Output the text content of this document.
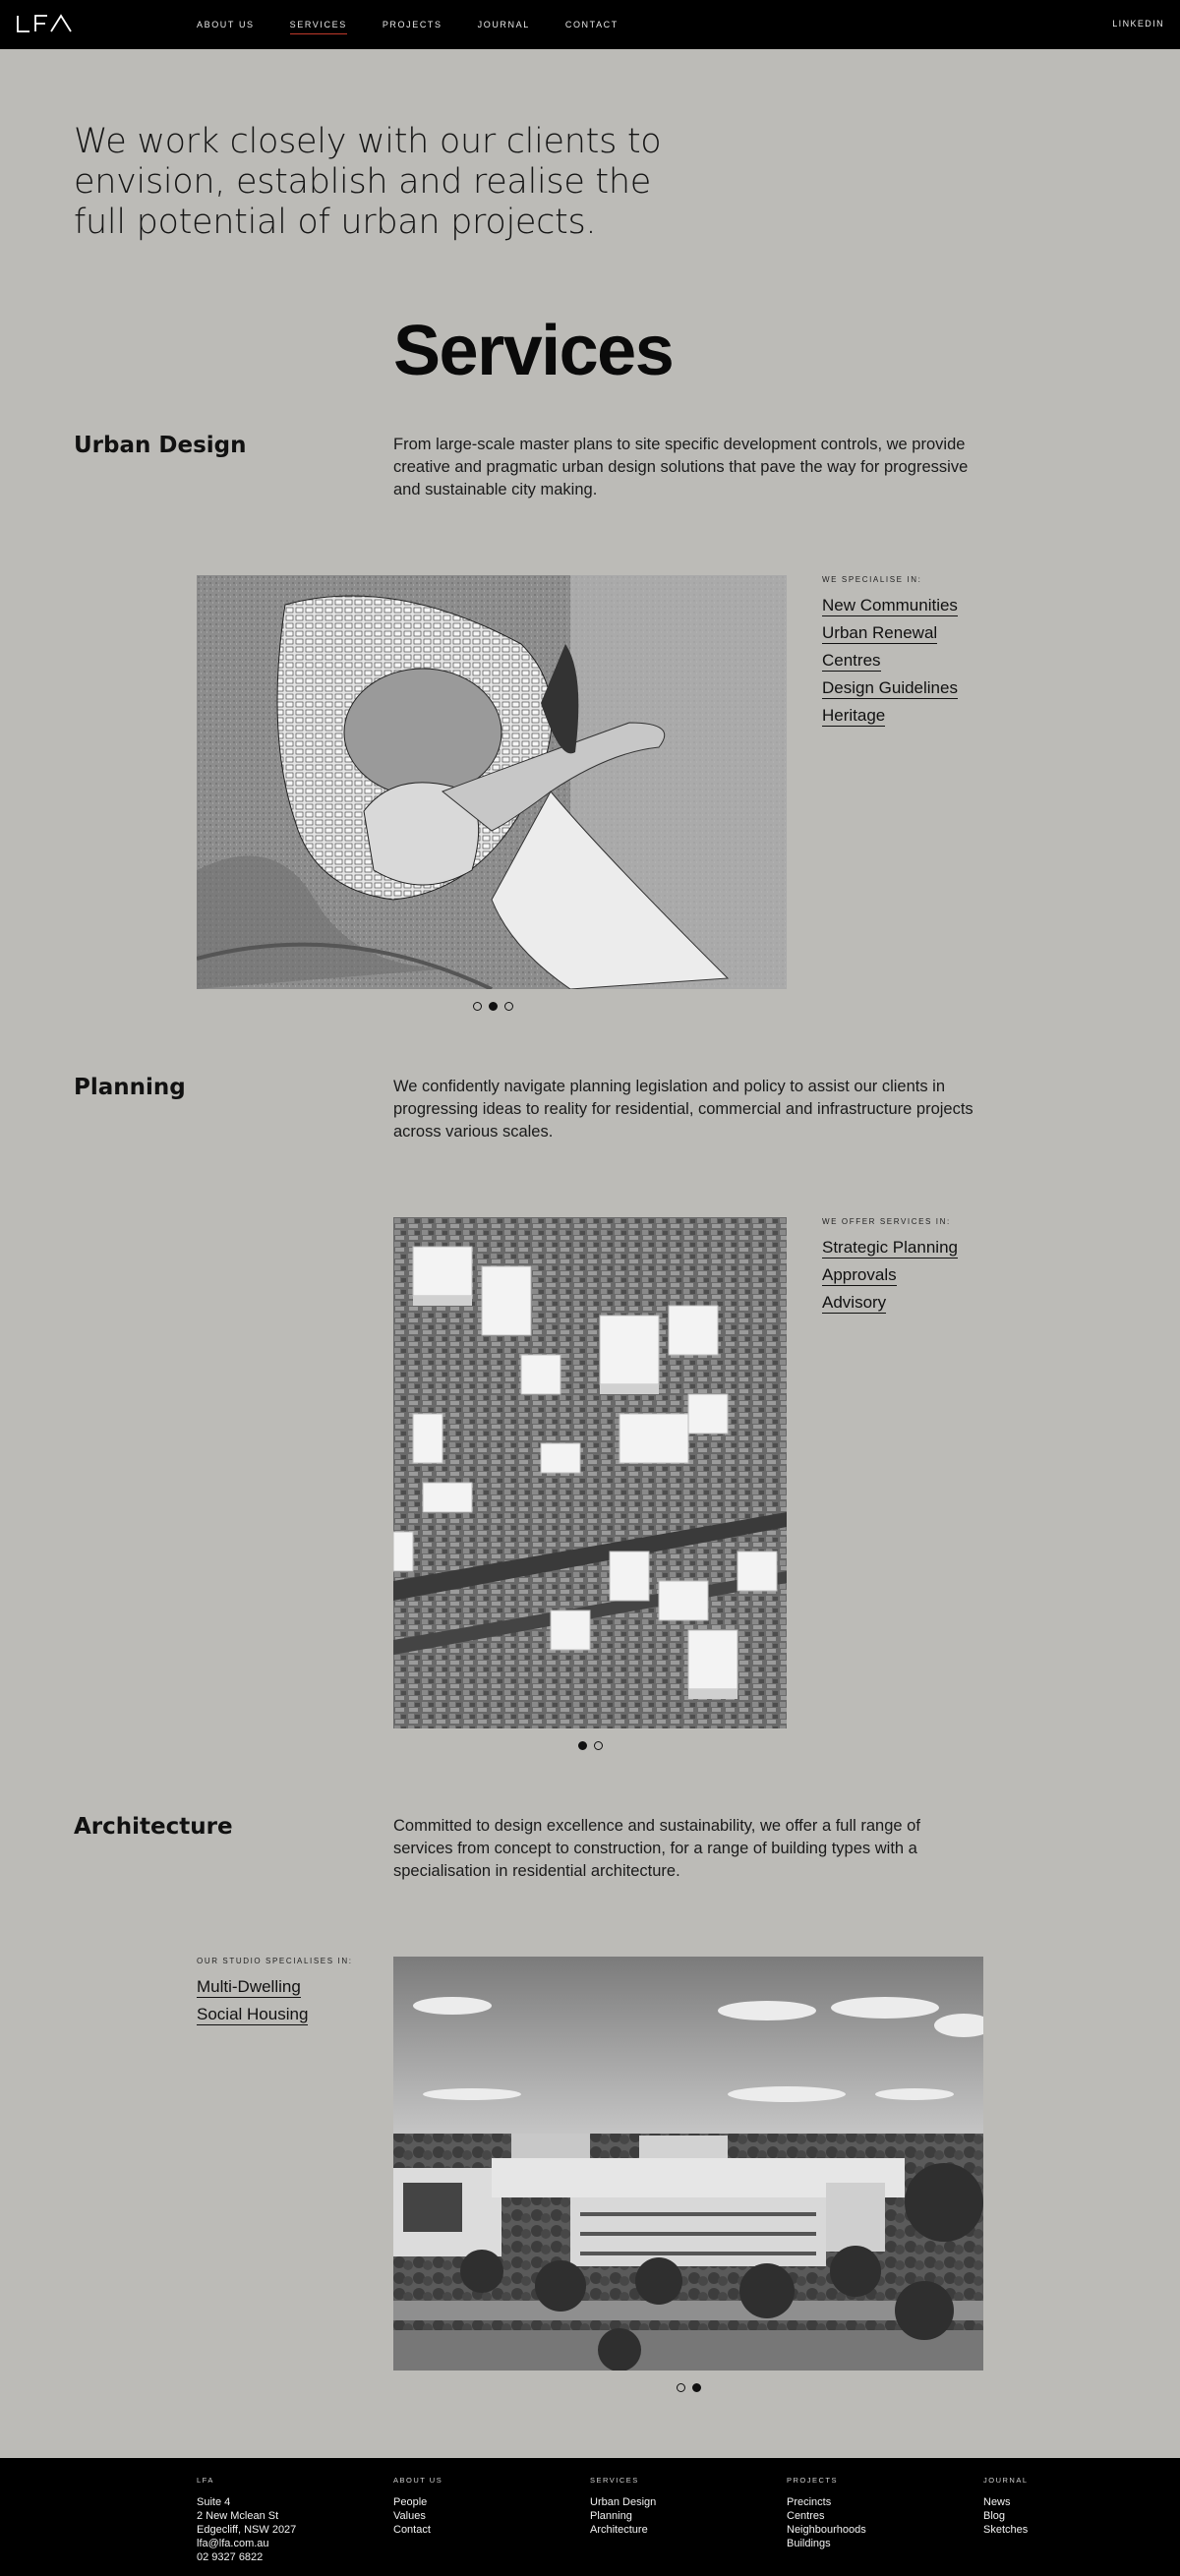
ABOUT US	SERVICES	PROJECTS	JOURNAL	CONTACT	LINKEDIN

We work closely with our clients to envision, establish and realise the full potential of urban projects.

Services
Urban Design	From large-scale master plans to site specific development controls, we provide creative and pragmatic urban design solutions that pave the way for progressive and sustainable city making.

WE SPECIALISE IN:
New Communities
Urban Renewal
Centres
Design Guidelines
Heritage
Planning	We confidently navigate planning legislation and policy to assist our clients in progressing ideas to reality for residential, commercial and infrastructure projects across various scales.

WE OFFER SERVICES IN:
Strategic Planning
Approvals
Advisory
Architecture	Committed to design excellence and sustainability, we offer a full range of services from concept to construction, for a range of building types with a specialisation in residential architecture.

OUR STUDIO SPECIALISES IN:
Multi-Dwelling
Social Housing
LFA
Suite 4
2 New Mclean St
Edgecliff, NSW 2027
lfa@lfa.com.au
02 9327 6822
ABOUT US
People
Values
Contact
SERVICES
Urban Design
Planning
Architecture
PROJECTS
Precincts
Centres
Neighbourhoods
Buildings
JOURNAL
News
Blog
Sketches
